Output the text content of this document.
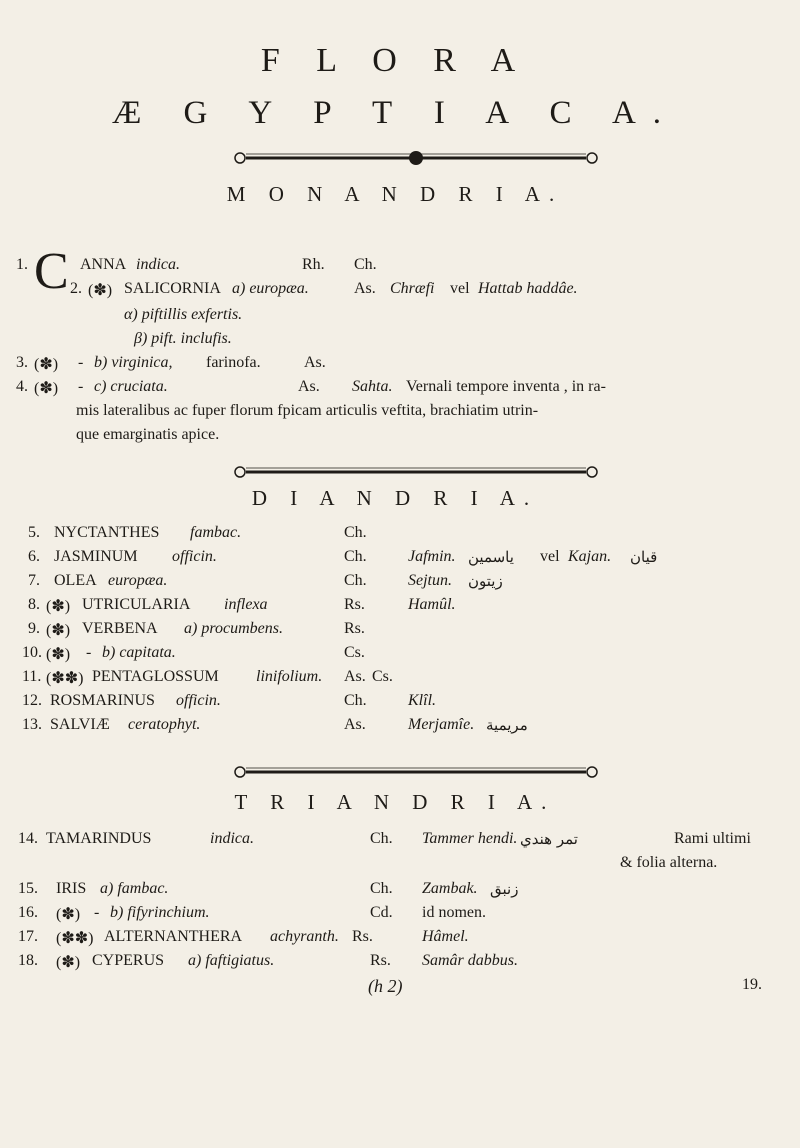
F L O R A
Æ G Y P T I A C A.
M O N A N D R I A.
C
1.	ANNA indica.	Rh. Ch.
2. (✽) SALICORNIA a) europæa.	As. Chræfi vel Hattab haddâe.
α) piftillis exfertis.
β) pift. inclufis.
3. (✽) - b) virginica, farinofa.	As.
4. (✽) - c) cruciata.	As. Sahta. Vernali tempore inventa , in ra-
mis lateralibus ac fuper florum fpicam articulis veftita, brachiatim utrin-
que emarginatis apice.
D I A N D R I A.
5. NYCTANTHES fambac.	Ch.
6. JASMINUM officin.	Ch.	Jafmin. ياسمين vel Kajan. قيان
7. OLEA europæa.	Ch.	Sejtun. زيتون
8. (✽) UTRICULARIA inflexa	Rs.	Hamûl.
9. (✽) VERBENA a) procumbens.	Rs.
10. (✽) - b) capitata.	Cs.
11. (✽✽) PENTAGLOSSUM linifolium. As. Cs.
12. ROSMARINUS officin.	Ch.	Klîl.
13. SALVIÆ ceratophyt.	As.	Merjamîe. مريمية
T R I A N D R I A.
14. TAMARINDUS	indica.	Ch. Tammer hendi. تمر هندي	Rami ultimi
& folia alterna.
15. IRIS a) fambac.	Ch. Zambak. زنبق
16. (✽) - b) fifyrinchium.	Cd. id nomen.
17. (✽✽) ALTERNANTHERA achyranth. Rs.	Hâmel.
18. (✽) CYPERUS a) faftigiatus.	Rs. Samâr dabbus.
(h 2)	19.
